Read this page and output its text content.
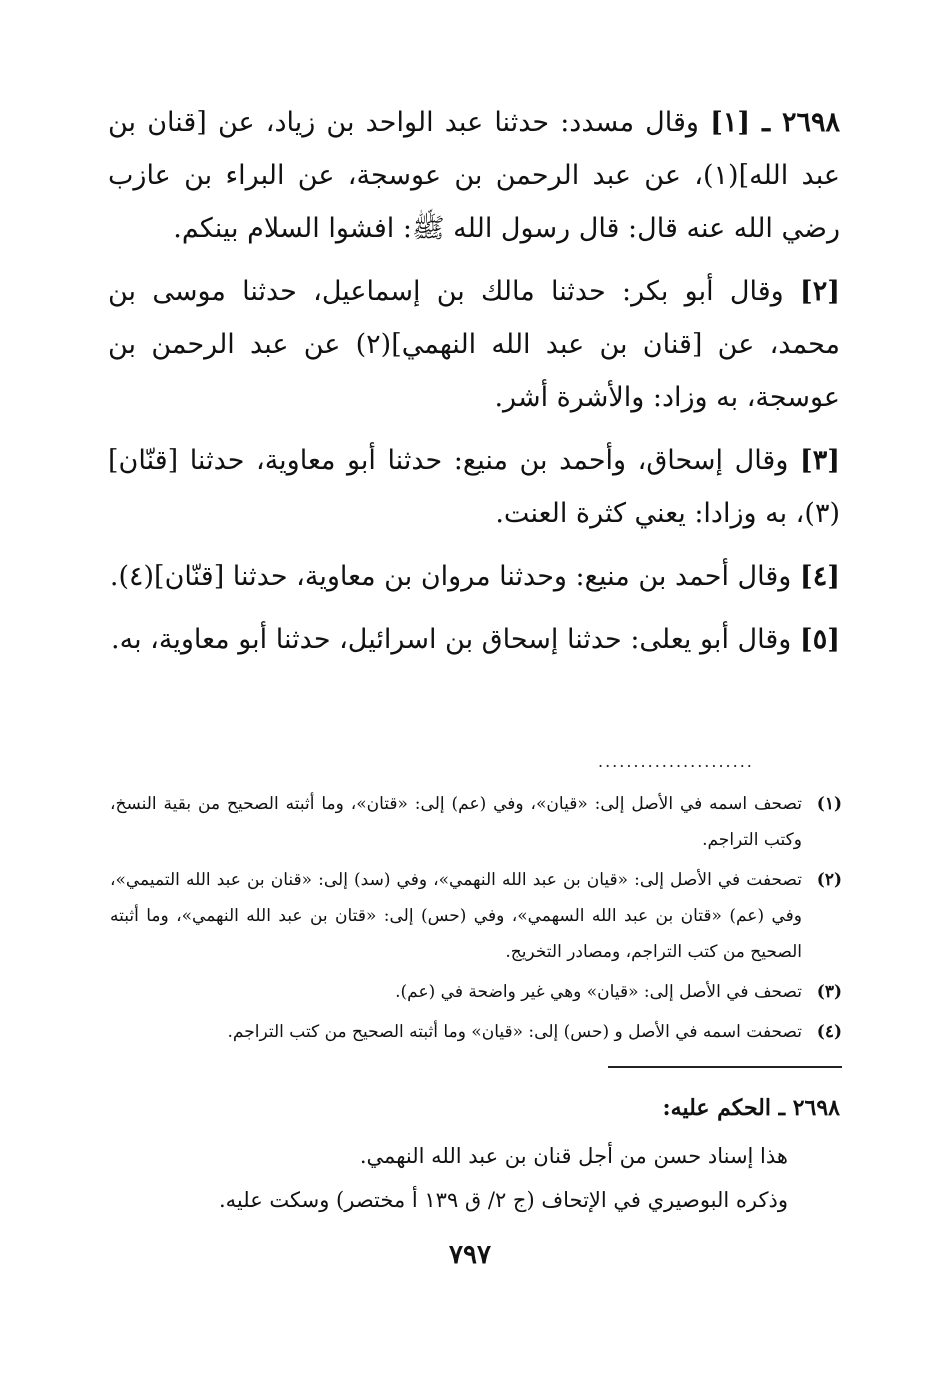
٢٦٩٨ ـ [١] وقال مسدد: حدثنا عبد الواحد بن زياد، عن [قنان بن عبد الله](١)، عن عبد الرحمن بن عوسجة، عن البراء بن عازب رضي الله عنه قال: قال رسول الله ﷺ: افشوا السلام بينكم.

[٢] وقال أبو بكر: حدثنا مالك بن إسماعيل، حدثنا موسى بن محمد، عن [قنان بن عبد الله النهمي](٢) عن عبد الرحمن بن عوسجة، به وزاد: والأشرة أشر.

[٣] وقال إسحاق، وأحمد بن منيع: حدثنا أبو معاوية، حدثنا [قنّان](٣)، به وزادا: يعني كثرة العنت.

[٤] وقال أحمد بن منيع: وحدثنا مروان بن معاوية، حدثنا [قنّان](٤).

[٥] وقال أبو يعلى: حدثنا إسحاق بن اسرائيل، حدثنا أبو معاوية، به.

......................
(١)
تصحف اسمه في الأصل إلى: «قيان»، وفي (عم) إلى: «قتان»، وما أثبته الصحيح من بقية النسخ، وكتب التراجم.
(٢)
تصحفت في الأصل إلى: «قيان بن عبد الله النهمي»، وفي (سد) إلى: «قنان بن عبد الله التميمي»، وفي (عم) «قتان بن عبد الله السهمي»، وفي (حس) إلى: «قتان بن عبد الله النهمي»، وما أثبته الصحيح من كتب التراجم، ومصادر التخريج.
(٣)
تصحف في الأصل إلى: «قيان» وهي غير واضحة في (عم).
(٤)
تصحفت اسمه في الأصل و (حس) إلى: «قيان» وما أثبته الصحيح من كتب التراجم.

٢٦٩٨ ـ الحكم عليه:

هذا إسناد حسن من أجل قنان بن عبد الله النهمي.

وذكره البوصيري في الإتحاف (ج ٢/ ق ١٣٩ أ مختصر) وسكت عليه.

٧٩٧
